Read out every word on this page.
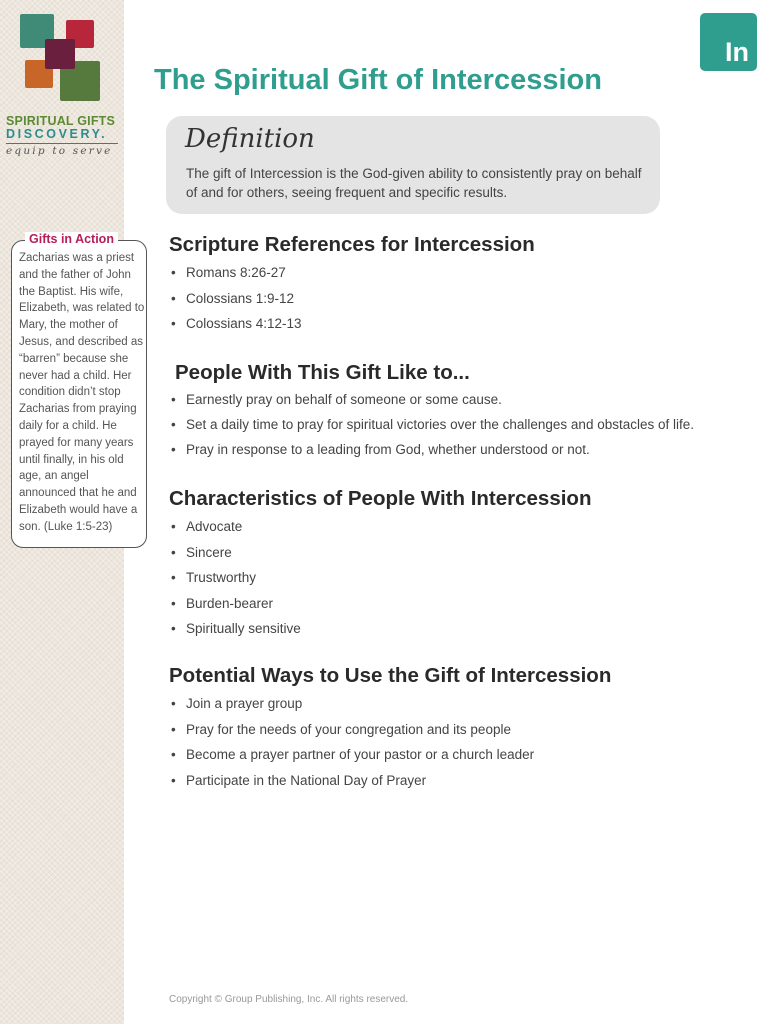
SPIRITUAL GIFTS
DISCOVERY.
equip to serve
Gifts in Action
Zacharias was a priest and the father of John the Baptist. His wife, Elizabeth, was related to Mary, the mother of Jesus, and described as “barren” because she never had a child. Her condition didn’t stop Zacharias from praying daily for a child. He prayed for many years until finally, in his old age, an angel announced that he and Elizabeth would have a son. (Luke 1:5-23)
The Spiritual Gift of Intercession
In
Definition
The gift of Intercession is the God-given ability to consistently pray on behalf of and for others, seeing frequent and specific results.
Scripture References for Intercession
• Romans 8:26-27
• Colossians 1:9-12
• Colossians 4:12-13
People With This Gift Like to...
• Earnestly pray on behalf of someone or some cause.
• Set a daily time to pray for spiritual victories over the challenges and obstacles of life.
• Pray in response to a leading from God, whether understood or not.
Characteristics of People With Intercession
• Advocate
• Sincere
• Trustworthy
• Burden-bearer
• Spiritually sensitive
Potential Ways to Use the Gift of Intercession
• Join a prayer group
• Pray for the needs of your congregation and its people
• Become a prayer partner of your pastor or a church leader
• Participate in the National Day of Prayer
Copyright © Group Publishing, Inc. All rights reserved.
